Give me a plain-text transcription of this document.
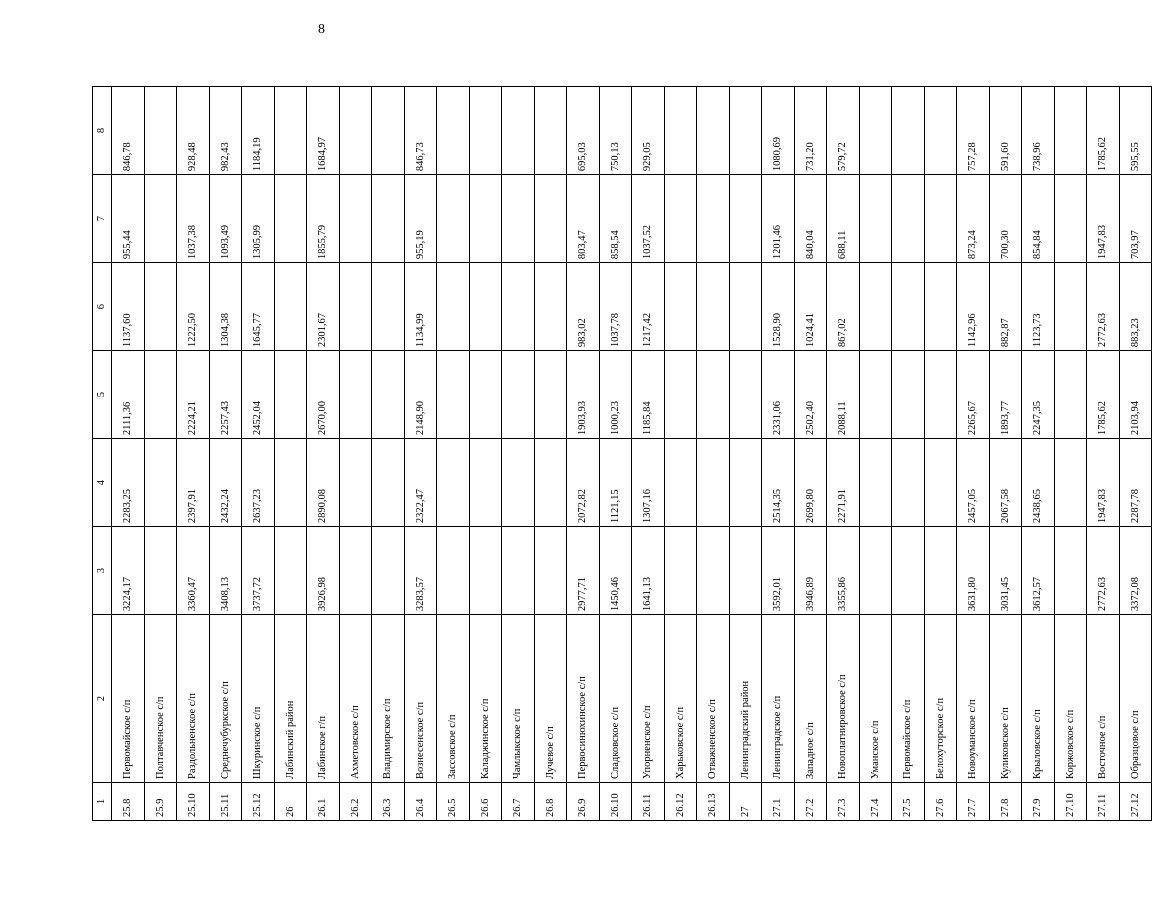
8
1	2	3	4	5	6	7	8
25.8	Первомайское с/п	3224,17	2283,25	2111,36	1137,60	955,44	846,78
25.9	Полтавченское с/п						
25.10	Раздольненское с/п	3360,47	2397,91	2224,21	1222,50	1037,38	928,48
25.11	Среднечубуркское с/п	3408,13	2432,24	2257,43	1304,38	1093,49	982,43
25.12	Шкуринское с/п	3737,72	2637,23	2452,04	1645,77	1305,99	1184,19
26	Лабинский район						
26.1	Лабинское г/п	3926,98	2890,08	2670,00	2301,67	1855,79	1684,97
26.2	Ахметовское с/п						
26.3	Владимирское с/п						
26.4	Вознесенское с/п	3283,57	2322,47	2148,90	1134,99	955,19	846,73
26.5	Зассовское с/п						
26.6	Каладжинское с/п						
26.7	Чамлыкское с/п						
26.8	Лучевое с/п						
26.9	Первосинюхинское с/п	2977,71	2072,82	1903,93	983,02	803,47	695,03
26.10	Сладковское с/п	1450,46	1121,15	1000,23	1037,78	858,54	750,13
26.11	Упорненское с/п	1641,13	1307,16	1185,84	1217,42	1037,52	929,05
26.12	Харьковское с/п						
26.13	Отважненское с/п						
27	Ленинградский район						
27.1	Ленинградское с/п	3592,01	2514,35	2331,06	1528,90	1201,46	1080,69
27.2	Западное с/п	3946,89	2699,80	2502,40	1024,41	840,04	731,20
27.3	Новоплатнировское с/п	3355,86	2271,91	2088,11	867,02	688,11	579,72
27.4	Уманское с/п						
27.5	Первомайское с/п						
27.6	Белохуторское с/п						
27.7	Новоуманское с/п	3631,80	2457,05	2265,67	1142,96	873,24	757,28
27.8	Куликовское с/п	3031,45	2067,58	1893,77	882,87	700,30	591,60
27.9	Крыловское с/п	3612,57	2438,65	2247,35	1123,73	854,84	738,96
27.10	Коржовское с/п						
27.11	Восточное с/п	2772,63	1947,83	1785,62	2772,63	1947,83	1785,62
27.12	Образцовое с/п	3372,08	2287,78	2103,94	883,23	703,97	595,55
